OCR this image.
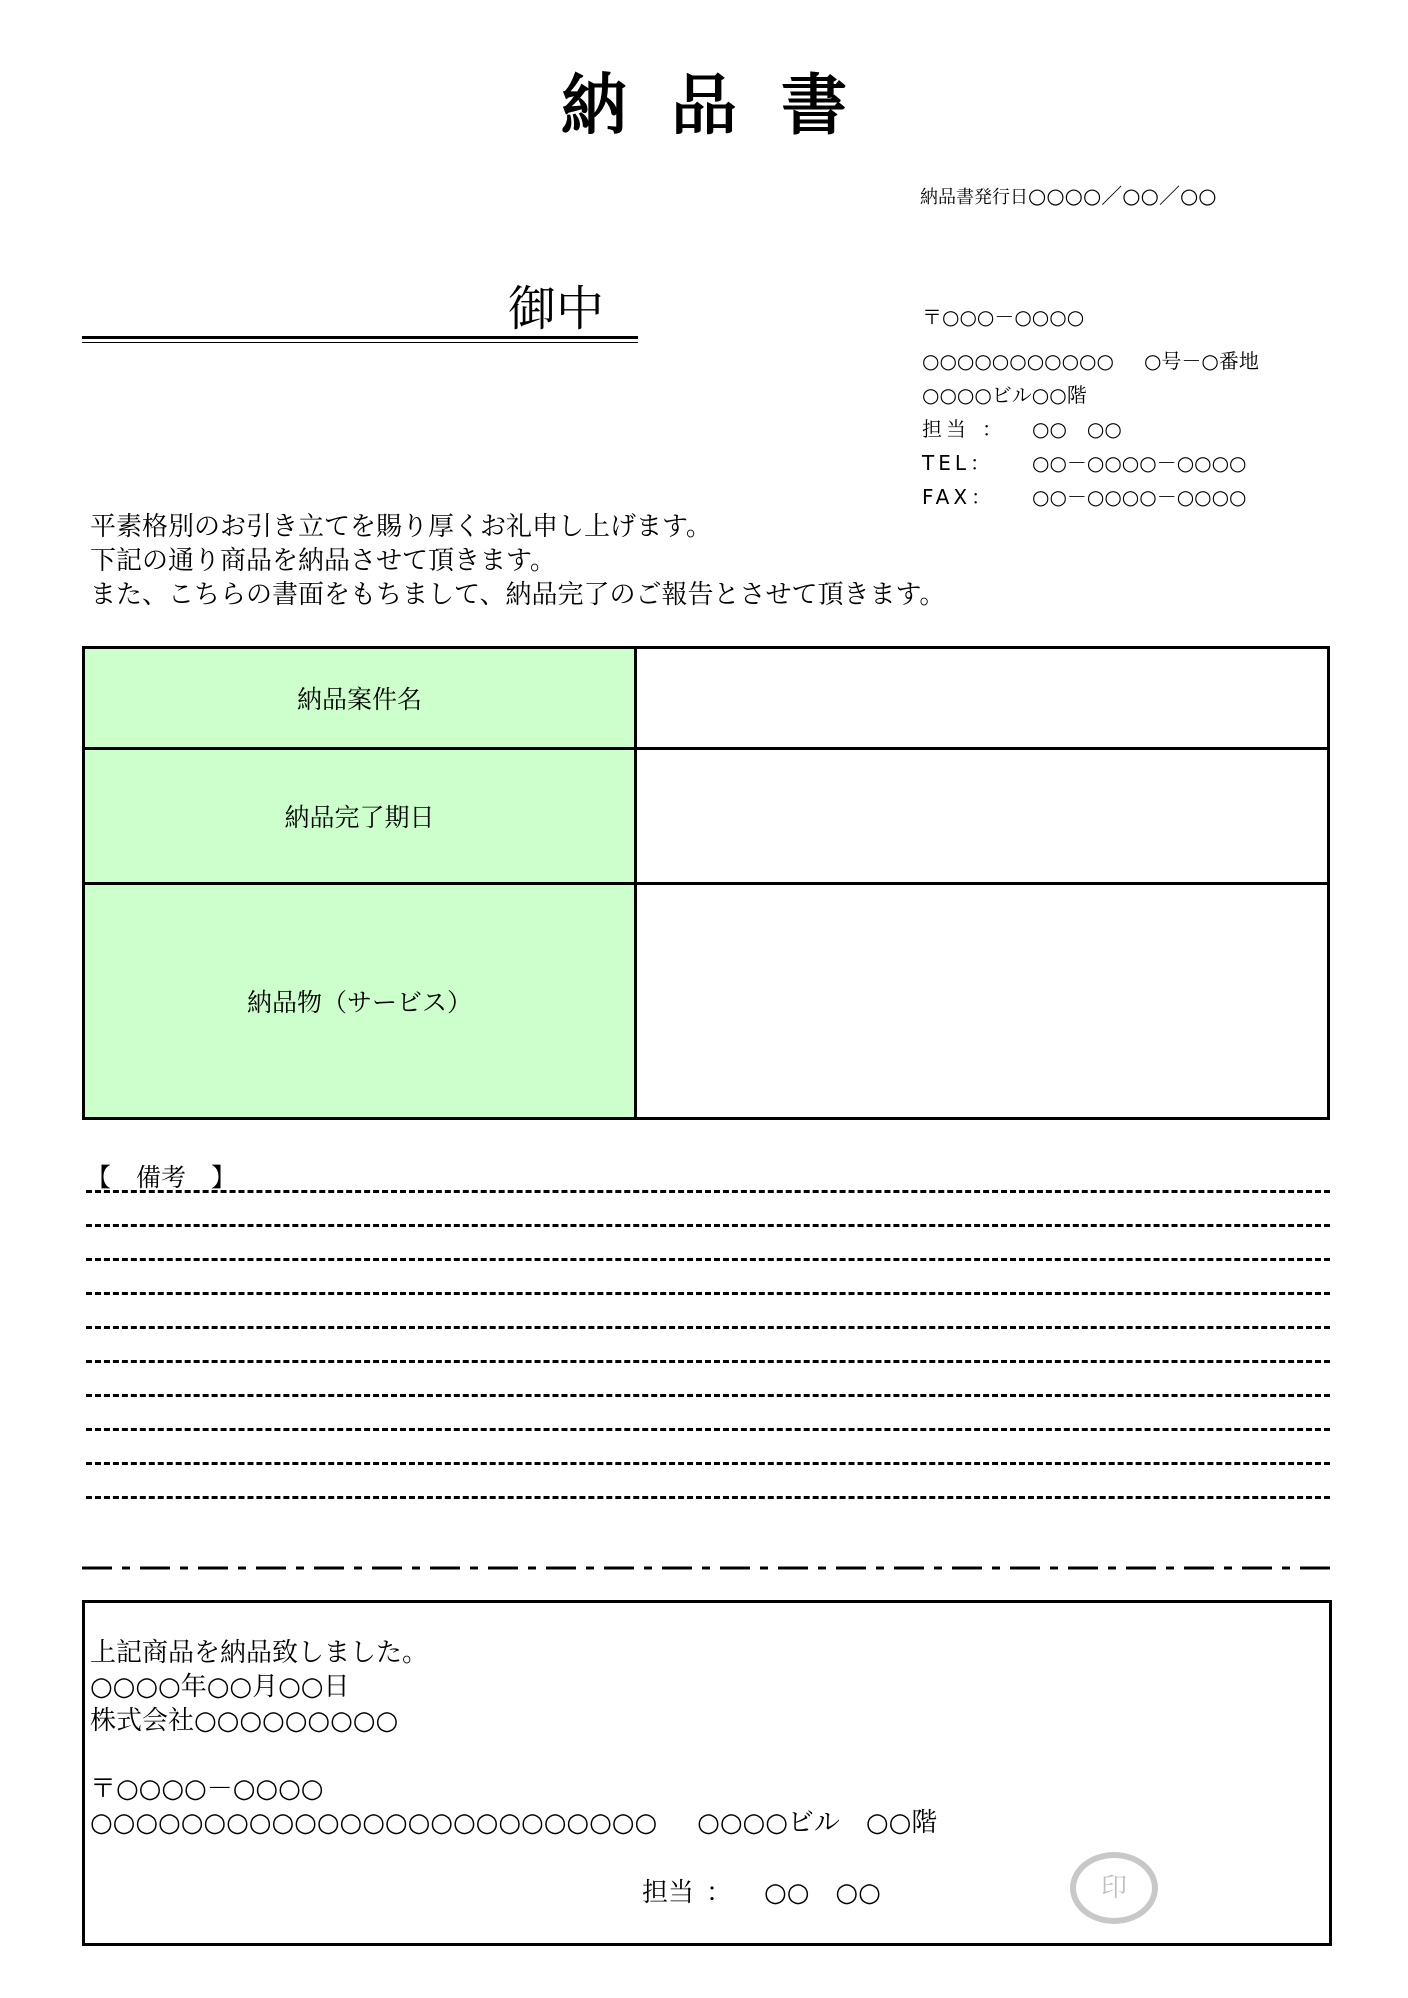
納品書
納品書発行日○○○○／○○／○○
御中	〒○○○－○○○○
○○○○○○○○○○○ ○号－○番地
○○○○ビル○○階
担当 ： ○○　○○
TEL： ○○－○○○○－○○○○
FAX： ○○－○○○○－○○○○
平素格別のお引き立てを賜り厚くお礼申し上げます。
下記の通り商品を納品させて頂きます。
また、こちらの書面をもちまして、納品完了のご報告とさせて頂きます。
納品案件名	
納品完了期日	
納品物（サービス）	
【　備考　】
上記商品を納品致しました。
○○○○年○○月○○日
株式会社○○○○○○○○○
〒○○○○－○○○○
○○○○○○○○○○○○○○○○○○○○○○○○○ ○○○○ビル　○○階
担当 ： ○○　○○	印
